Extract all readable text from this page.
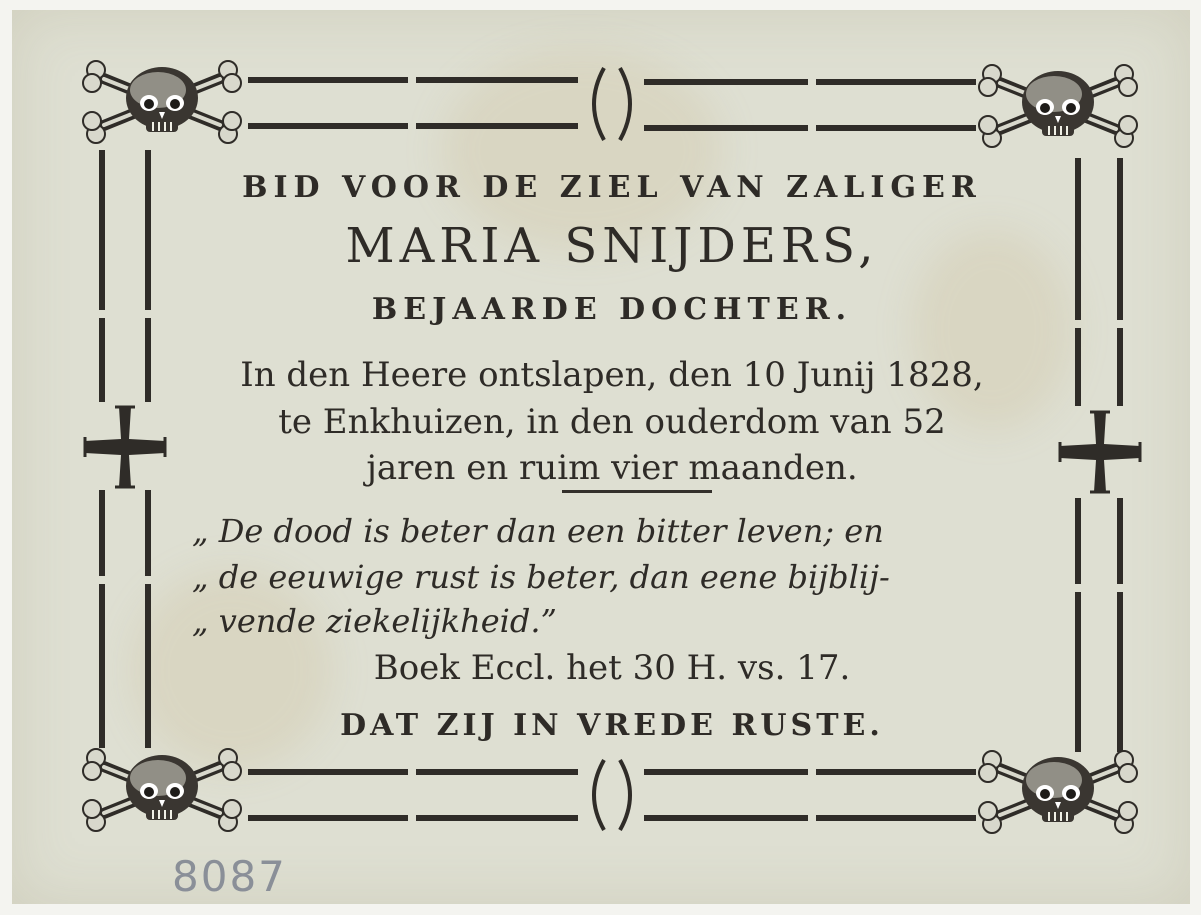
BID VOOR DE ZIEL VAN ZALIGER
MARIA SNIJDERS,
BEJAARDE DOCHTER.
In den Heere ontslapen, den 10 Junij 1828,
te Enkhuizen, in den ouderdom van 52
jaren en ruim vier maanden.
„ De dood is beter dan een bitter leven; en
„ de eeuwige rust is beter, dan eene bijblij-
„ vende ziekelijkheid.”
Boek Eccl. het 30 H. vs. 17.
DAT ZIJ IN VREDE RUSTE.
8087
